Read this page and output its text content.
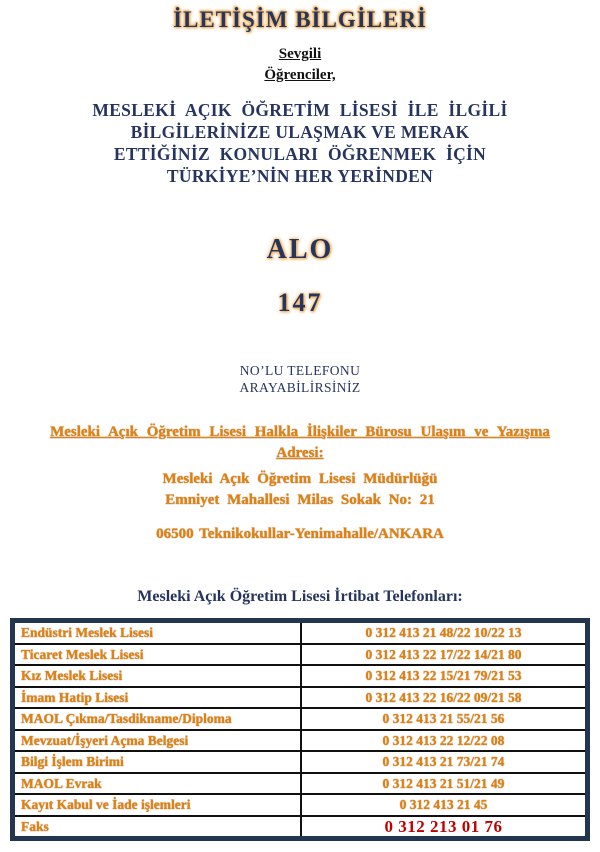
İLETİŞİM BİLGİLERİ
Sevgili
Öğrenciler,
MESLEKİ AÇIK ÖĞRETİM LİSESİ İLE İLGİLİ
BİLGİLERİNİZE ULAŞMAK VE MERAK
ETTİĞİNİZ KONULARI ÖĞRENMEK İÇİN
TÜRKİYE’NİN HER YERİNDEN
ALO
147
NO’LU TELEFONU
ARAYABİLİRSİNİZ
Mesleki Açık Öğretim Lisesi Halkla İlişkiler Bürosu Ulaşım ve Yazışma
Adresi:
Mesleki Açık Öğretim Lisesi Müdürlüğü
Emniyet Mahallesi Milas Sokak No: 21
06500 Teknikokullar-Yenimahalle/ANKARA
Mesleki Açık Öğretim Lisesi İrtibat Telefonları:
Endüstri Meslek Lisesi	0 312 413 21 48/22 10/22 13
Ticaret Meslek Lisesi	0 312 413 22 17/22 14/21 80
Kız Meslek Lisesi	0 312 413 22 15/21 79/21 53
İmam Hatip Lisesi	0 312 413 22 16/22 09/21 58
MAOL Çıkma/Tasdikname/Diploma	0 312 413 21 55/21 56
Mevzuat/İşyeri Açma Belgesi	0 312 413 22 12/22 08
Bilgi İşlem Birimi	0 312 413 21 73/21 74
MAOL Evrak	0 312 413 21 51/21 49
Kayıt Kabul ve İade işlemleri	0 312 413 21 45
Faks	0 312 213 01 76
